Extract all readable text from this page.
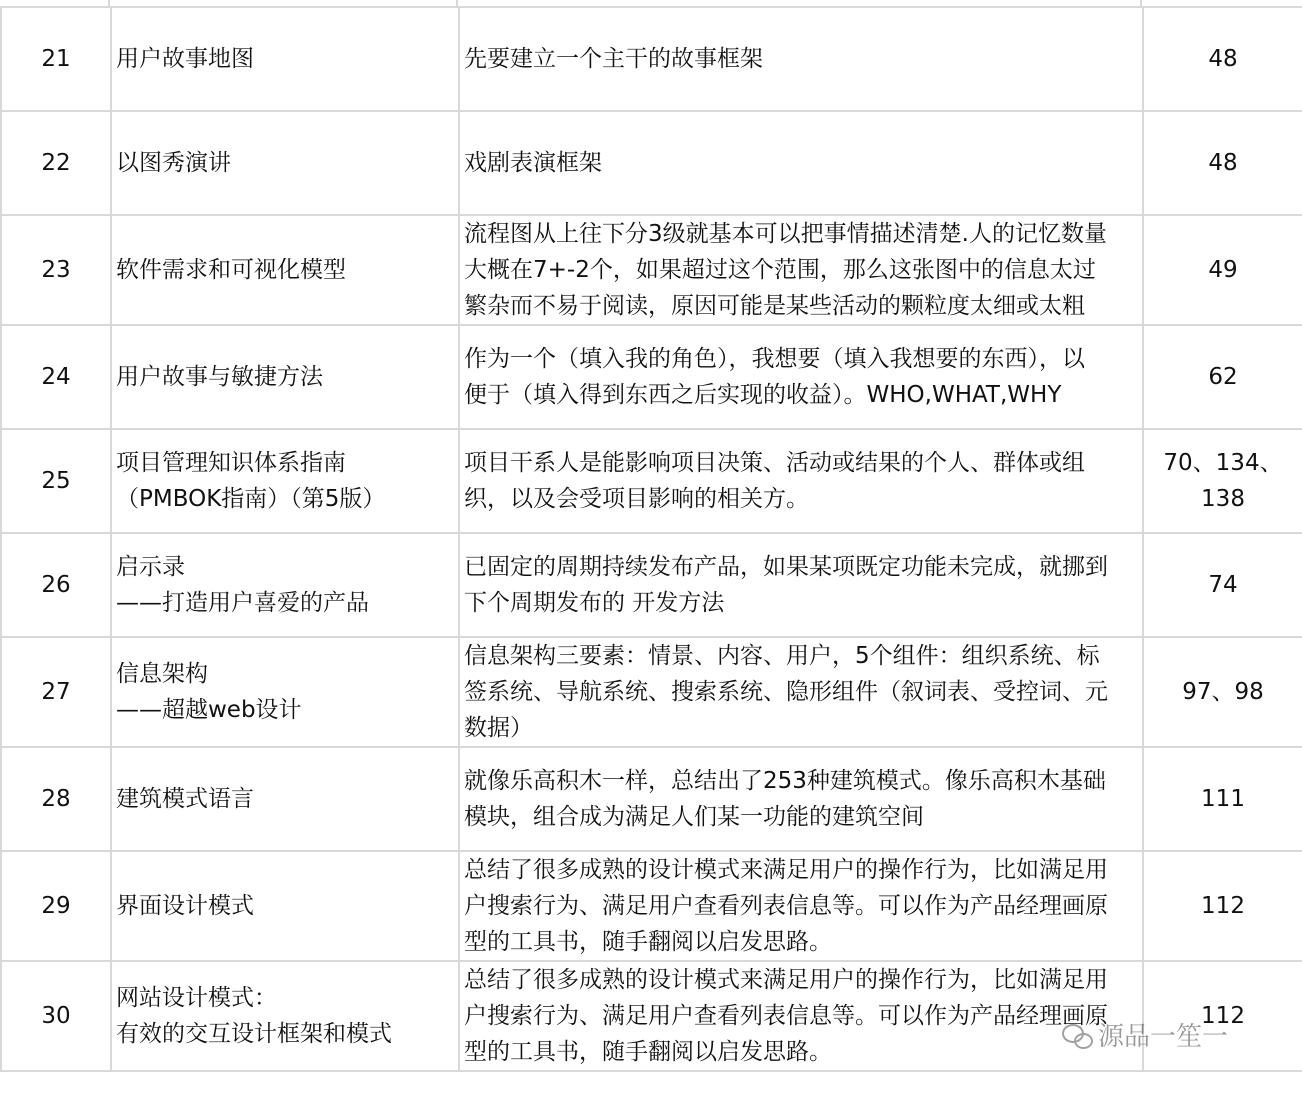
21	用户故事地图	先要建立一个主干的故事框架	48

22	以图秀演讲	戏剧表演框架	48

23	软件需求和可视化模型	流程图从上往下分3级就基本可以把事情描述清楚.人的记忆数量
大概在7+-2个，如果超过这个范围，那么这张图中的信息太过
繁杂而不易于阅读，原因可能是某些活动的颗粒度太细或太粗	49

24	用户故事与敏捷方法	作为一个（填入我的角色），我想要（填入我想要的东西），以
便于（填入得到东西之后实现的收益）。WHO,WHAT,WHY	62

25	项目管理知识体系指南
（PMBOK指南）（第5版）	项目干系人是能影响项目决策、活动或结果的个人、群体或组
织，以及会受项目影响的相关方。	70、134、
138

26	启示录
——打造用户喜爱的产品	已固定的周期持续发布产品，如果某项既定功能未完成，就挪到
下个周期发布的 开发方法	74

27	信息架构
——超越web设计	信息架构三要素：情景、内容、用户，5个组件：组织系统、标
签系统、导航系统、搜索系统、隐形组件（叙词表、受控词、元
数据）	97、98

28	建筑模式语言	就像乐高积木一样，总结出了253种建筑模式。像乐高积木基础
模块，组合成为满足人们某一功能的建筑空间	111

29	界面设计模式	总结了很多成熟的设计模式来满足用户的操作行为，比如满足用
户搜索行为、满足用户查看列表信息等。可以作为产品经理画原
型的工具书，随手翻阅以启发思路。	112

30	网站设计模式：
有效的交互设计框架和模式	总结了很多成熟的设计模式来满足用户的操作行为，比如满足用
户搜索行为、满足用户查看列表信息等。可以作为产品经理画原
型的工具书，随手翻阅以启发思路。	112
源品一笙一
